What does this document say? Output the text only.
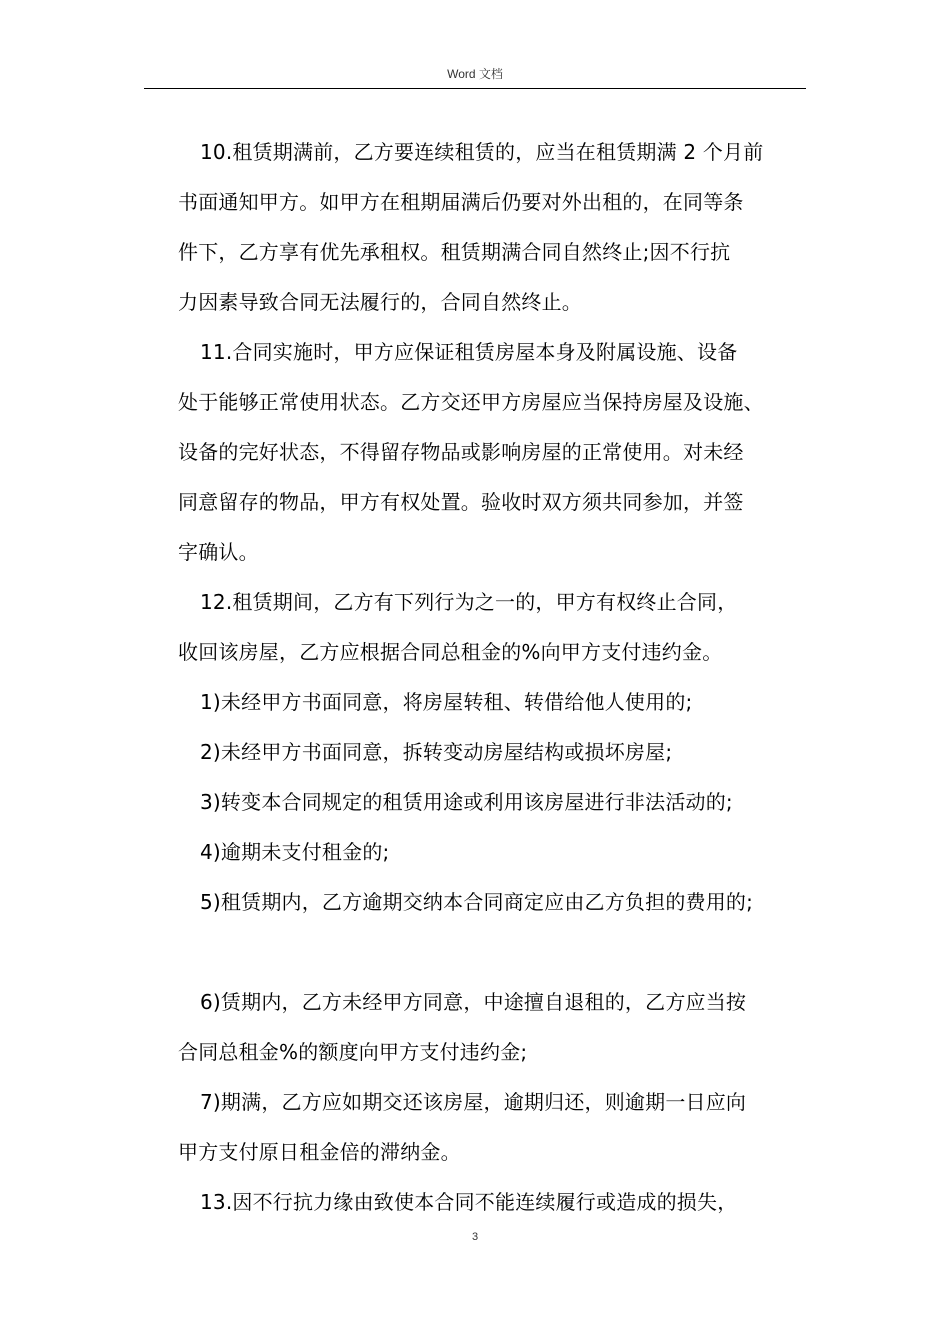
Word 文档
10.租赁期满前，乙方要连续租赁的，应当在租赁期满 2 个月前
书面通知甲方。如甲方在租期届满后仍要对外出租的，在同等条
件下，乙方享有优先承租权。租赁期满合同自然终止;因不行抗
力因素导致合同无法履行的，合同自然终止。
11.合同实施时，甲方应保证租赁房屋本身及附属设施、设备
处于能够正常使用状态。乙方交还甲方房屋应当保持房屋及设施、
设备的完好状态，不得留存物品或影响房屋的正常使用。对未经
同意留存的物品，甲方有权处置。验收时双方须共同参加，并签
字确认。
12.租赁期间，乙方有下列行为之一的，甲方有权终止合同，
收回该房屋，乙方应根据合同总租金的%向甲方支付违约金。
1)未经甲方书面同意，将房屋转租、转借给他人使用的;
2)未经甲方书面同意，拆转变动房屋结构或损坏房屋;
3)转变本合同规定的租赁用途或利用该房屋进行非法活动的;
4)逾期未支付租金的;
5)租赁期内，乙方逾期交纳本合同商定应由乙方负担的费用的;
6)赁期内，乙方未经甲方同意，中途擅自退租的，乙方应当按
合同总租金%的额度向甲方支付违约金;
7)期满，乙方应如期交还该房屋，逾期归还，则逾期一日应向
甲方支付原日租金倍的滞纳金。
13.因不行抗力缘由致使本合同不能连续履行或造成的损失，
3
